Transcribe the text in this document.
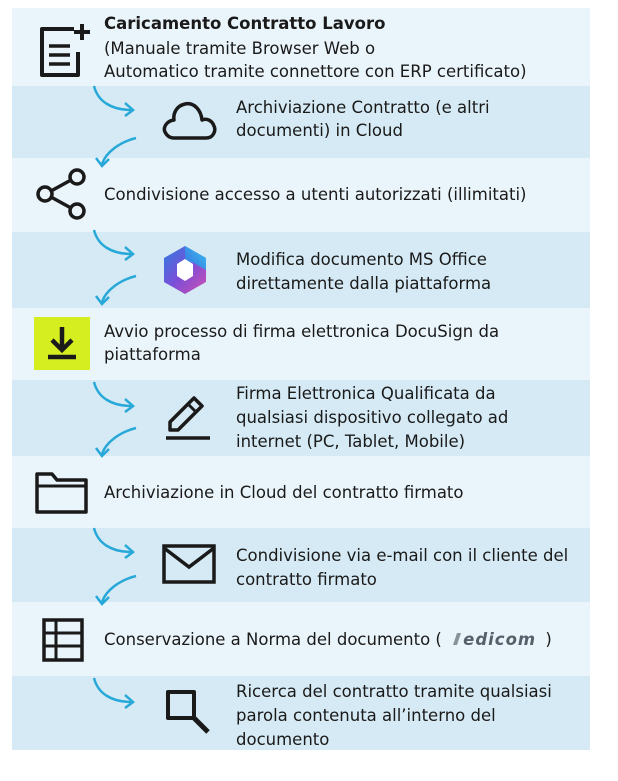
Caricamento Contratto Lavoro
(Manuale tramite Browser Web o
Automatico tramite connettore con ERP certificato)
Archiviazione Contratto (e altri
documenti) in Cloud
Condivisione accesso a utenti autorizzati (illimitati)
Modifica documento MS Office
direttamente dalla piattaforma
Avvio processo di firma elettronica DocuSign da
piattaforma
Firma Elettronica Qualificata da
qualsiasi dispositivo collegato ad
internet (PC, Tablet, Mobile)
Archiviazione in Cloud del contratto firmato
Condivisione via e-mail con il cliente del
contratto firmato
Conservazione a Norma del documento ( edicom )
Ricerca del contratto tramite qualsiasi
parola contenuta all’interno del
documento
